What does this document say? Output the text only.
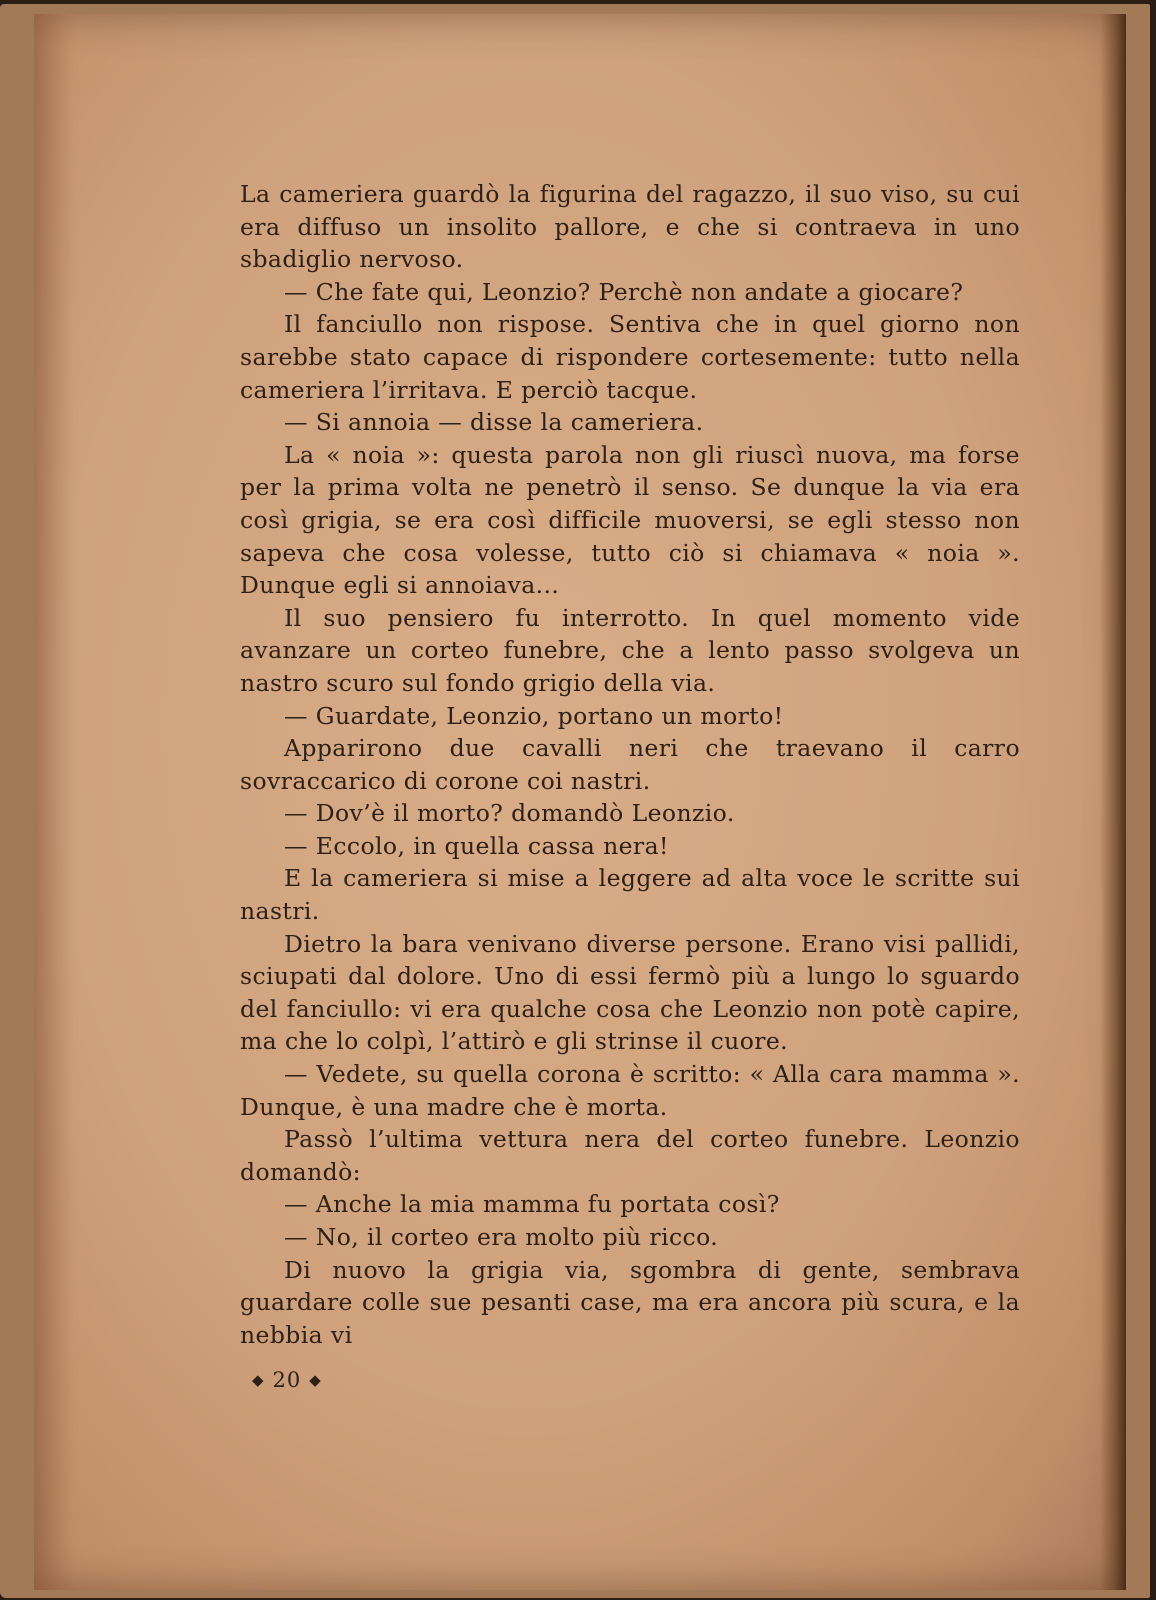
La cameriera guardò la figurina del ragazzo, il suo viso, su cui era diffuso un insolito pallore, e che si contraeva in uno sbadiglio nervoso.

— Che fate qui, Leonzio? Perchè non andate a giocare?

Il fanciullo non rispose. Sentiva che in quel giorno non sarebbe stato capace di rispondere cortesemente: tutto nella cameriera l’irritava. E perciò tacque.

— Si annoia — disse la cameriera.

La « noia »: questa parola non gli riuscì nuova, ma forse per la prima volta ne penetrò il senso. Se dunque la via era così grigia, se era così difficile muoversi, se egli stesso non sapeva che cosa volesse, tutto ciò si chiamava « noia ». Dunque egli si annoiava...

Il suo pensiero fu interrotto. In quel momento vide avanzare un corteo funebre, che a lento passo svolgeva un nastro scuro sul fondo grigio della via.

— Guardate, Leonzio, portano un morto!

Apparirono due cavalli neri che traevano il carro sovraccarico di corone coi nastri.

— Dov’è il morto? domandò Leonzio.

— Eccolo, in quella cassa nera!

E la cameriera si mise a leggere ad alta voce le scritte sui nastri.

Dietro la bara venivano diverse persone. Erano visi pallidi, sciupati dal dolore. Uno di essi fermò più a lungo lo sguardo del fanciullo: vi era qualche cosa che Leonzio non potè capire, ma che lo colpì, l’attirò e gli strinse il cuore.

— Vedete, su quella corona è scritto: « Alla cara mamma ». Dunque, è una madre che è morta.

Passò l’ultima vettura nera del corteo funebre. Leonzio domandò:

— Anche la mia mamma fu portata così?

— No, il corteo era molto più ricco.

Di nuovo la grigia via, sgombra di gente, sembrava guardare colle sue pesanti case, ma era ancora più scura, e la nebbia vi

◆ 20 ◆
